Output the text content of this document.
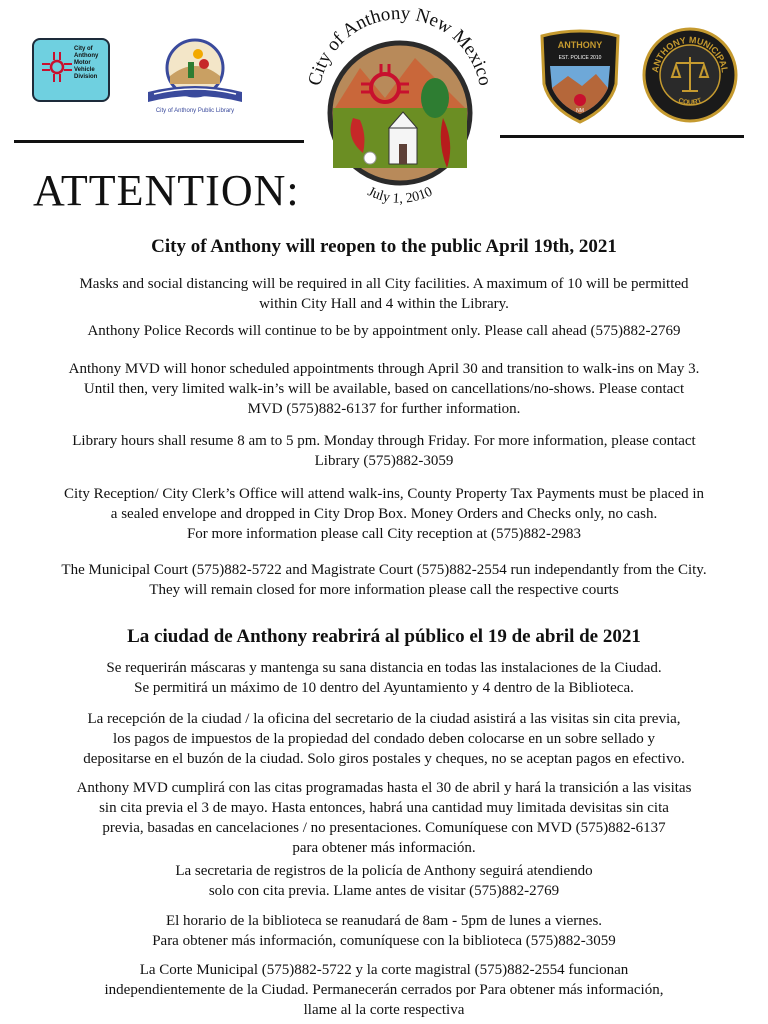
City of
Anthony
Motor
Vehicle
Division
City of Anthony Public Library
City of Anthony New Mexico
July 1, 2010
ANTHONY
EST. POLICE 2010
NM
ANTHONY MUNICIPAL
COURT
ATTENTION:
City of Anthony will reopen to the public April 19th, 2021
Masks and social distancing will be required in all City facilities. A maximum of 10 will be permitted
within City Hall and 4 within the Library.
Anthony Police Records will continue to be by appointment only. Please call ahead (575)882-2769
Anthony MVD will honor scheduled appointments through April 30 and transition to walk-ins on May 3.
Until then, very limited walk-in’s will be available, based on cancellations/no-shows. Please contact
MVD (575)882-6137 for further information.
Library hours shall resume 8 am to 5 pm. Monday through Friday. For more information, please contact
Library (575)882-3059
City Reception/ City Clerk’s Office will attend walk-ins, County Property Tax Payments must be placed in
a sealed envelope and dropped in City Drop Box. Money Orders and Checks only, no cash.
For more information please call City reception at (575)882-2983
The Municipal Court (575)882-5722 and Magistrate Court (575)882-2554 run independantly from the City.
They will remain closed for more information please call the respective courts
La ciudad de Anthony reabrirá al público el 19 de abril de 2021
Se requerirán máscaras y mantenga su sana distancia en todas las instalaciones de la Ciudad.
Se permitirá un máximo de 10 dentro del Ayuntamiento y 4 dentro de la Biblioteca.
La recepción de la ciudad / la oficina del secretario de la ciudad asistirá a las visitas sin cita previa,
los pagos de impuestos de la propiedad del condado deben colocarse en un sobre sellado y
depositarse en el buzón de la ciudad. Solo giros postales y cheques, no se aceptan pagos en efectivo.
Anthony MVD cumplirá con las citas programadas hasta el 30 de abril y hará la transición a las visitas
sin cita previa el 3 de mayo. Hasta entonces, habrá una cantidad muy limitada devisitas sin cita
previa, basadas en cancelaciones / no presentaciones. Comuníquese con MVD (575)882-6137
para obtener más información.
La secretaria de registros de la policía de Anthony seguirá atendiendo
solo con cita previa. Llame antes de visitar (575)882-2769
El horario de la biblioteca se reanudará de 8am - 5pm de lunes a viernes.
Para obtener más información, comuníquese con la biblioteca (575)882-3059
La Corte Municipal (575)882-5722 y la corte magistral (575)882-2554 funcionan
independientemente de la Ciudad. Permanecerán cerrados por Para obtener más información,
llame al la corte respectiva
